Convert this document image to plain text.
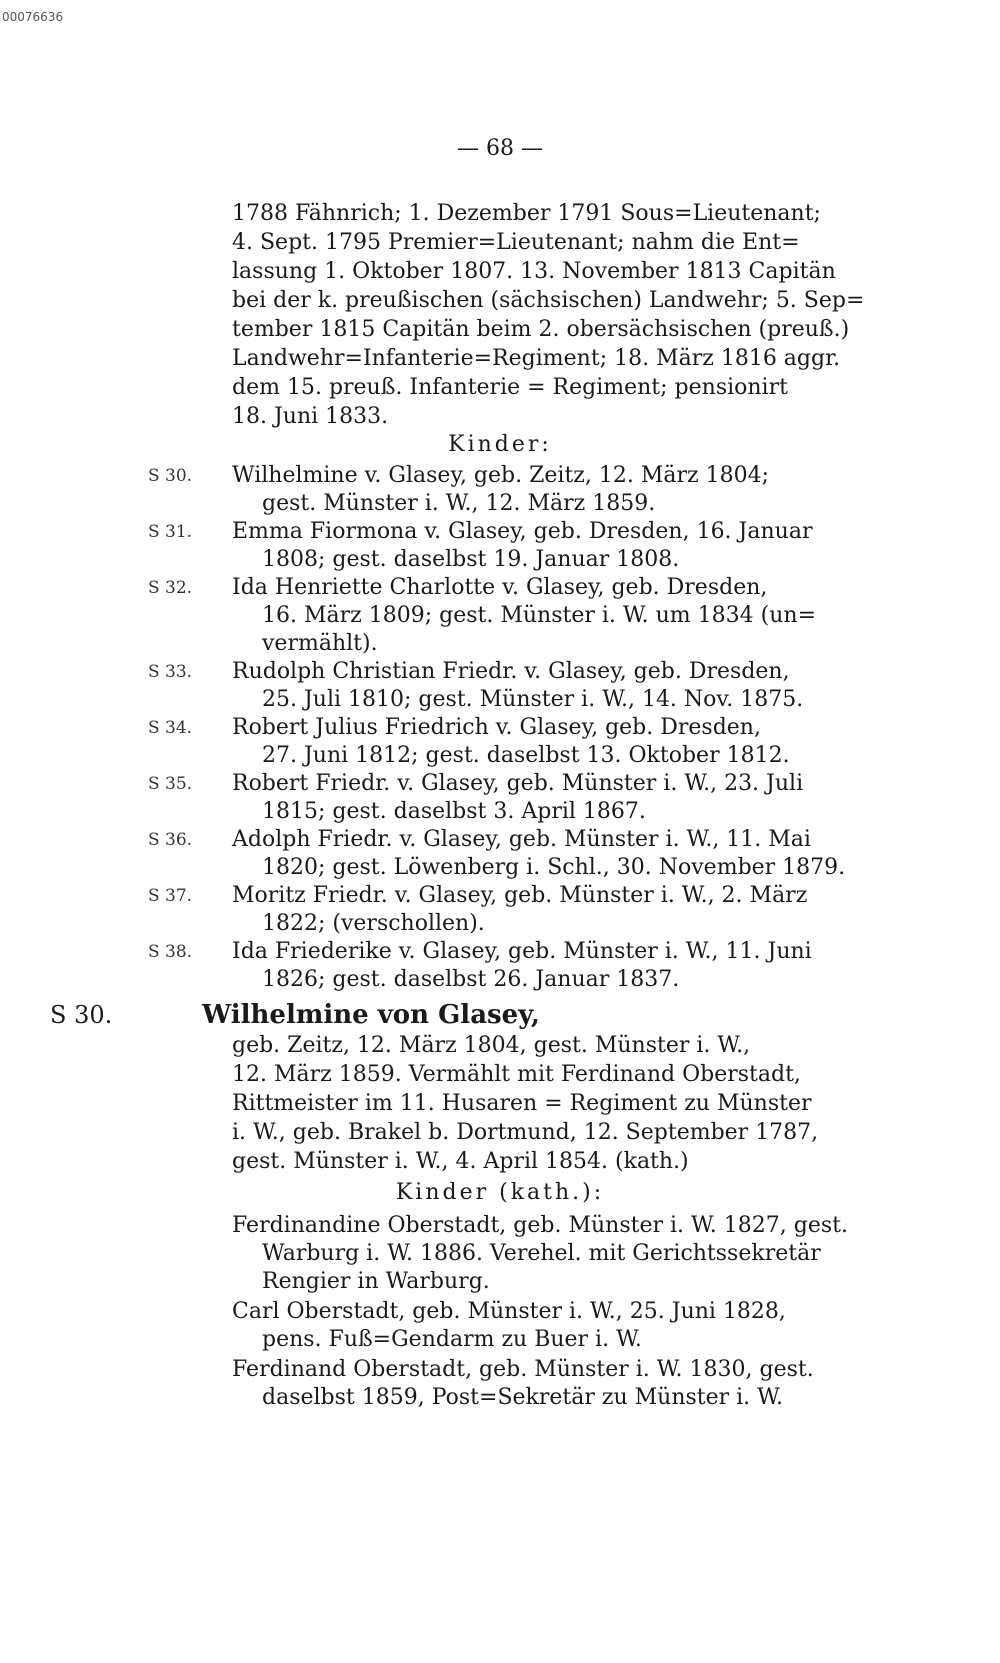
00076636
— 68 —
1788 Fähnrich; 1. Dezember 1791 Sous=Lieutenant;
4. Sept. 1795 Premier=Lieutenant; nahm die Ent=
lassung 1. Oktober 1807. 13. November 1813 Capitän
bei der k. preußischen (sächsischen) Landwehr; 5. Sep=
tember 1815 Capitän beim 2. obersächsischen (preuß.)
Landwehr=Infanterie=Regiment; 18. März 1816 aggr.
dem 15. preuß. Infanterie = Regiment; pensionirt
18. Juni 1833.
Kinder:
S 30.	Wilhelmine v. Glasey, geb. Zeitz, 12. März 1804;
gest. Münster i. W., 12. März 1859.
S 31.	Emma Fiormona v. Glasey, geb. Dresden, 16. Januar
1808; gest. daselbst 19. Januar 1808.
S 32.	Ida Henriette Charlotte v. Glasey, geb. Dresden,
16. März 1809; gest. Münster i. W. um 1834 (un=
vermählt).
S 33.	Rudolph Christian Friedr. v. Glasey, geb. Dresden,
25. Juli 1810; gest. Münster i. W., 14. Nov. 1875.
S 34.	Robert Julius Friedrich v. Glasey, geb. Dresden,
27. Juni 1812; gest. daselbst 13. Oktober 1812.
S 35.	Robert Friedr. v. Glasey, geb. Münster i. W., 23. Juli
1815; gest. daselbst 3. April 1867.
S 36.	Adolph Friedr. v. Glasey, geb. Münster i. W., 11. Mai
1820; gest. Löwenberg i. Schl., 30. November 1879.
S 37.	Moritz Friedr. v. Glasey, geb. Münster i. W., 2. März
1822; (verschollen).
S 38.	Ida Friederike v. Glasey, geb. Münster i. W., 11. Juni
1826; gest. daselbst 26. Januar 1837.
S 30.	Wilhelmine von Glasey,
geb. Zeitz, 12. März 1804, gest. Münster i. W.,
12. März 1859. Vermählt mit Ferdinand Oberstadt,
Rittmeister im 11. Husaren = Regiment zu Münster
i. W., geb. Brakel b. Dortmund, 12. September 1787,
gest. Münster i. W., 4. April 1854. (kath.)
Kinder (kath.):
Ferdinandine Oberstadt, geb. Münster i. W. 1827, gest.
Warburg i. W. 1886. Verehel. mit Gerichtssekretär
Rengier in Warburg.
Carl Oberstadt, geb. Münster i. W., 25. Juni 1828,
pens. Fuß=Gendarm zu Buer i. W.
Ferdinand Oberstadt, geb. Münster i. W. 1830, gest.
daselbst 1859, Post=Sekretär zu Münster i. W.
